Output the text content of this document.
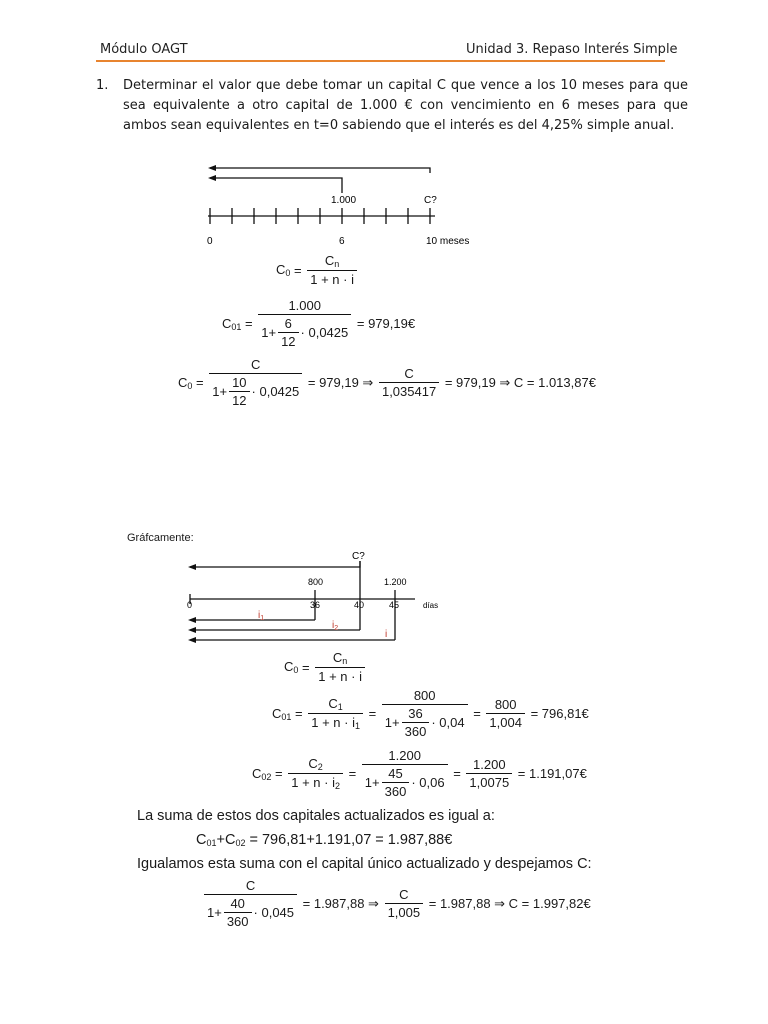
Módulo OAGT	Unidad 3. Repaso Interés Simple
1. Determinar el valor que debe tomar un capital C que vence a los 10 meses para que sea equivalente a otro capital de 1.000 € con vencimiento en 6 meses para que ambos sean equivalentes en t=0 sabiendo que el interés es del 4,25% simple anual.
1.000	C?
0	6	10 meses
$C_0 = \frac{C_n}{1 + n \cdot i}$
$C_{01} = \frac{1.000}{1+ \frac{6}{12} \cdot 0,0425}$
= 979,19€
$C_0 = \frac{C}{1+ \frac{10}{12} \cdot 0,0425}$
= 979,19 ⇒
$\frac{C}{1,035417}$
= 979,19 ⇒ C = 1.013,87€
Gráfcamente:
C?
800	1.200
0	36	40	45	días
$i_1$
$i_2$
i
$C_0 = \frac{C_n}{1 + n \cdot i}$
$C_{01} = \frac{C_1}{1 + n \cdot i_1} = \frac{800}{1+ \frac{36}{360} \cdot 0,04} = \frac{800}{1,004}$
= 796,81€
$C_{02} = \frac{C_2}{1 + n \cdot i_2} = \frac{1.200}{1+ \frac{45}{360} \cdot 0,06} = \frac{1.200}{1,0075}$
= 1.191,07€
La suma de estos dos capitales actualizados es igual a:
$C_{01} + C_{02}$
= 796,81+1.191,07 = 1.987,88€
Igualamos esta suma con el capital único actualizado y despejamos C:
$\frac{C}{1+ \frac{40}{360} \cdot 0,045}$
= 1.987,88 ⇒
$\frac{C}{1,005}$
= 1.987,88 ⇒ C = 1.997,82€
